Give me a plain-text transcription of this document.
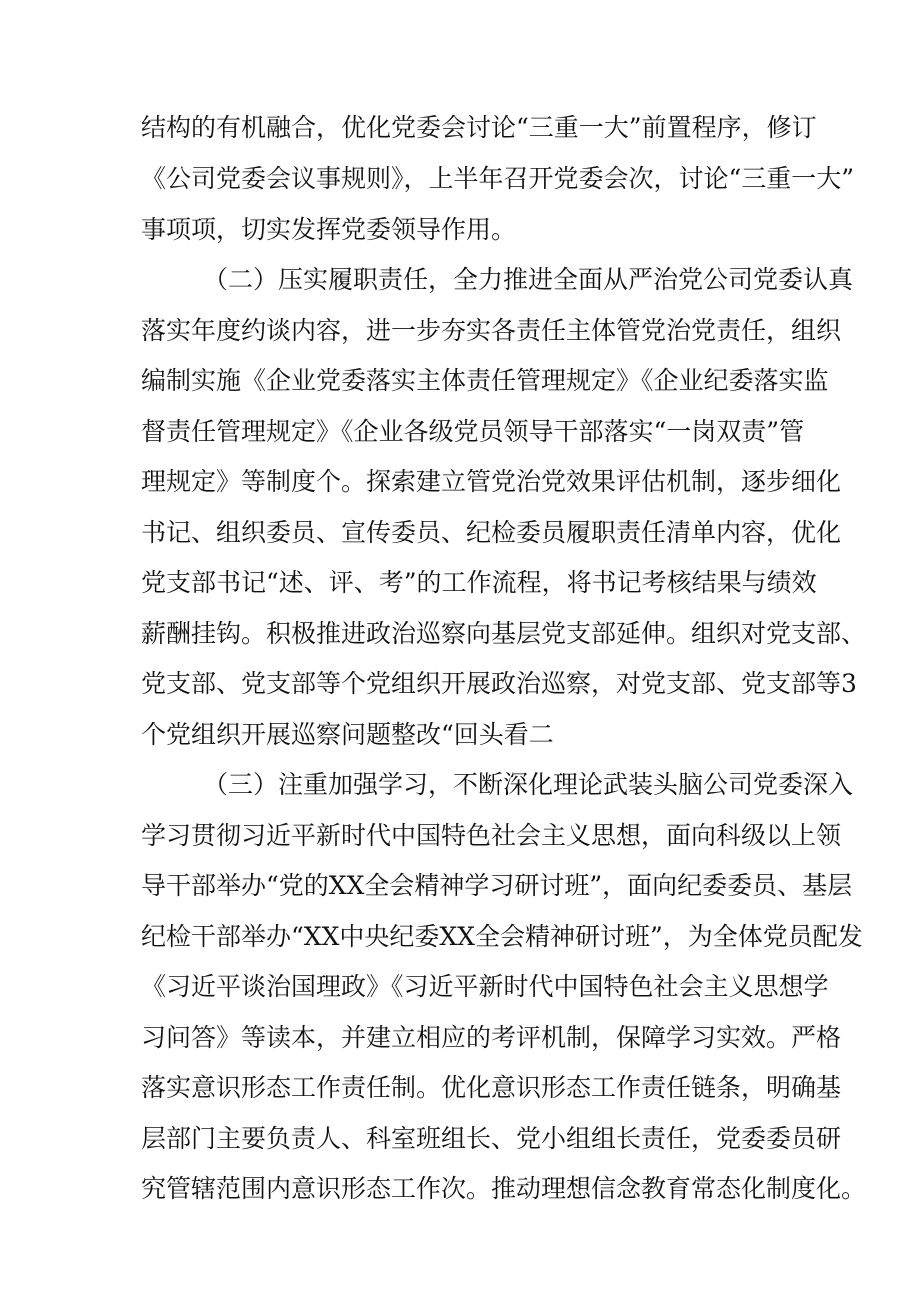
结构的有机融合，优化党委会讨论“三重一大”前置程序，修订
《公司党委会议事规则》，上半年召开党委会次，讨论“三重一大”
事项项，切实发挥党委领导作用。
（二）压实履职责任，全力推进全面从严治党公司党委认真
落实年度约谈内容，进一步夯实各责任主体管党治党责任，组织
编制实施《企业党委落实主体责任管理规定》《企业纪委落实监
督责任管理规定》《企业各级党员领导干部落实“一岗双责”管
理规定》等制度个。探索建立管党治党效果评估机制，逐步细化
书记、组织委员、宣传委员、纪检委员履职责任清单内容，优化
党支部书记“述、评、考”的工作流程，将书记考核结果与绩效
薪酬挂钩。积极推进政治巡察向基层党支部延伸。组织对党支部、
党支部、党支部等个党组织开展政治巡察，对党支部、党支部等3
个党组织开展巡察问题整改“回头看二
（三）注重加强学习，不断深化理论武装头脑公司党委深入
学习贯彻习近平新时代中国特色社会主义思想，面向科级以上领
导干部举办“党的XX全会精神学习研讨班”，面向纪委委员、基层
纪检干部举办“XX中央纪委XX全会精神研讨班”，为全体党员配发
《习近平谈治国理政》《习近平新时代中国特色社会主义思想学
习问答》等读本，并建立相应的考评机制，保障学习实效。严格
落实意识形态工作责任制。优化意识形态工作责任链条，明确基
层部门主要负责人、科室班组长、党小组组长责任，党委委员研
究管辖范围内意识形态工作次。推动理想信念教育常态化制度化。
